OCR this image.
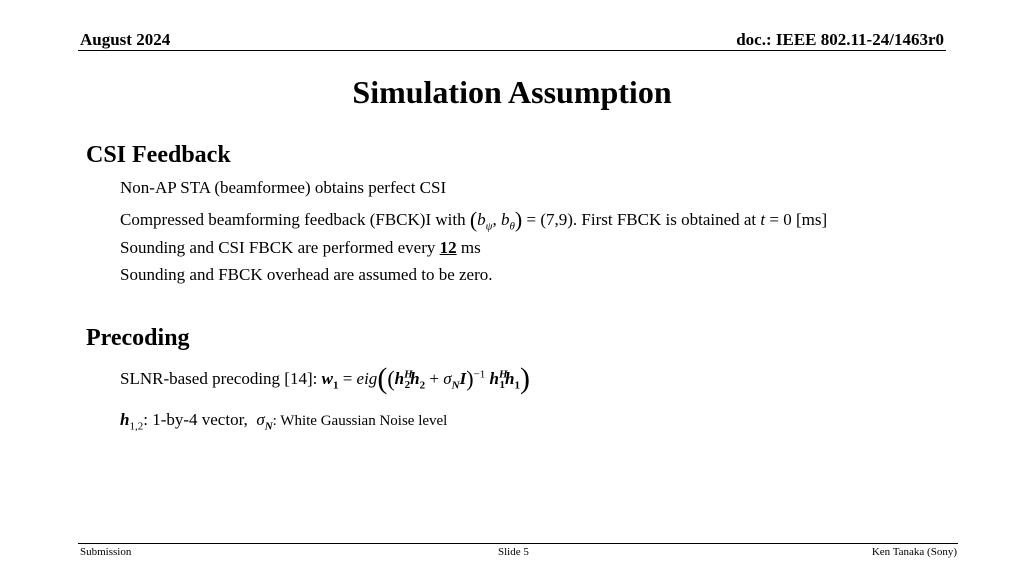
August 2024	doc.: IEEE 802.11-24/1463r0
Simulation Assumption
CSI Feedback
Non-AP STA (beamformee) obtains perfect CSI
Compressed beamforming feedback (FBCK)I with ($b_\psi$, $b_\theta) = (7,9)$. First FBCK is obtained at t = 0 [ms]
Sounding and CSI FBCK are performed every 12 ms
Sounding and FBCK overhead are assumed to be zero.
Precoding
SLNR-based precoding [14]: $w_1 = eig((h^H_2h_2 + \sigma_NI)^{-1}$ $h^H_1h_1$)
$h_{1,2}$: 1-by-4 vector, $\sigma_N$: White Gaussian Noise level
Submission	Slide 5	Ken Tanaka (Sony)
